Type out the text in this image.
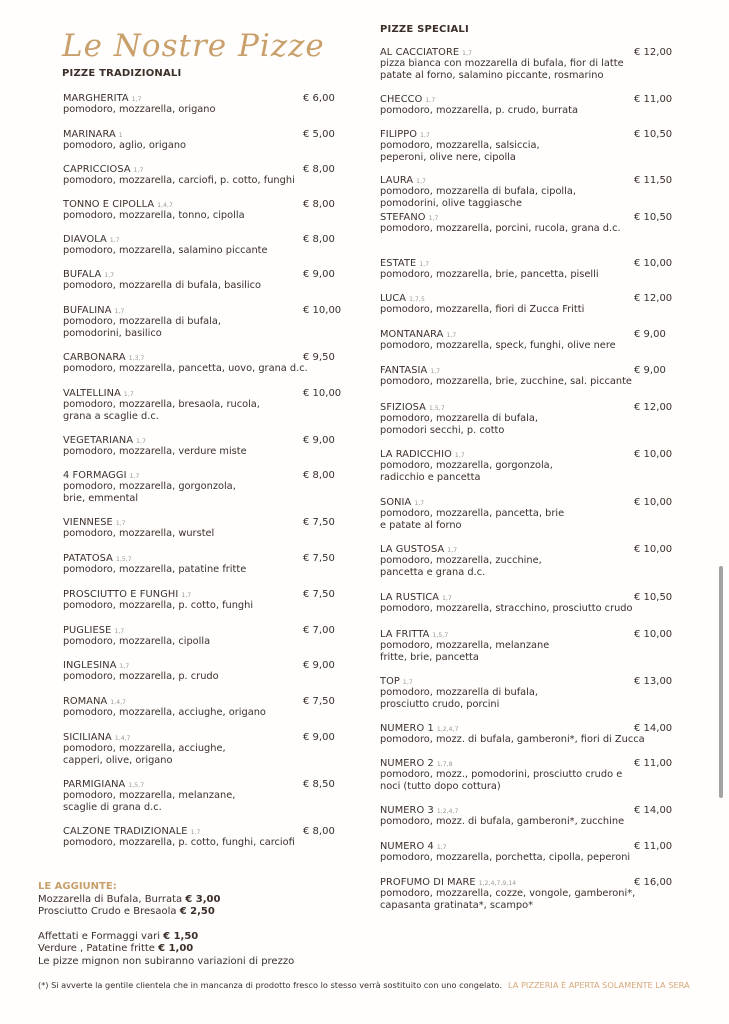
Le Nostre Pizze
PIZZE TRADIZIONALI
PIZZE SPECIALI
MARGHERITA 1,7
pomodoro, mozzarella, origano
€ 6,00
MARINARA 1
pomodoro, aglio, origano
€ 5,00
CAPRICCIOSA 1,7
pomodoro, mozzarella, carciofi, p. cotto, funghi
€ 8,00
TONNO E CIPOLLA 1,4,7
pomodoro, mozzarella, tonno, cipolla
€ 8,00
DIAVOLA 1,7
pomodoro, mozzarella, salamino piccante
€ 8,00
BUFALA 1,7
pomodoro, mozzarella di bufala, basilico
€ 9,00
BUFALINA 1,7
pomodoro, mozzarella di bufala,
pomodorini, basilico
€ 10,00
CARBONARA 1,3,7
pomodoro, mozzarella, pancetta, uovo, grana d.c.
€ 9,50
VALTELLINA 1,7
pomodoro, mozzarella, bresaola, rucola,
grana a scaglie d.c.
€ 10,00
VEGETARIANA 1,7
pomodoro, mozzarella, verdure miste
€ 9,00
4 FORMAGGI 1,7
pomodoro, mozzarella, gorgonzola,
brie, emmental
€ 8,00
VIENNESE 1,7
pomodoro, mozzarella, wurstel
€ 7,50
PATATOSA 1,5,7
pomodoro, mozzarella, patatine fritte
€ 7,50
PROSCIUTTO E FUNGHI 1,7
pomodoro, mozzarella, p. cotto, funghi
€ 7,50
PUGLIESE 1,7
pomodoro, mozzarella, cipolla
€ 7,00
INGLESINA 1,7
pomodoro, mozzarella, p. crudo
€ 9,00
ROMANA 1,4,7
pomodoro, mozzarella, acciughe, origano
€ 7,50
SICILIANA 1,4,7
pomodoro, mozzarella, acciughe,
capperi, olive, origano
€ 9,00
PARMIGIANA 1,5,7
pomodoro, mozzarella, melanzane,
scaglie di grana d.c.
€ 8,50
CALZONE TRADIZIONALE 1,7
pomodoro, mozzarella, p. cotto, funghi, carciofi
€ 8,00
AL CACCIATORE 1,7
pizza bianca con mozzarella di bufala, fior di latte
patate al forno, salamino piccante, rosmarino
€ 12,00
CHECCO 1,7
pomodoro, mozzarella, p. crudo, burrata
€ 11,00
FILIPPO 1,7
pomodoro, mozzarella, salsiccia,
peperoni, olive nere, cipolla
€ 10,50
LAURA 1,7
pomodoro, mozzarella di bufala, cipolla,
pomodorini, olive taggiasche
€ 11,50
STEFANO 1,7
pomodoro, mozzarella, porcini, rucola, grana d.c.
€ 10,50
ESTATE 1,7
pomodoro, mozzarella, brie, pancetta, piselli
€ 10,00
LUCA 1,7,5
pomodoro, mozzarella, fiori di Zucca Fritti
€ 12,00
MONTANARA 1,7
pomodoro, mozzarella, speck, funghi, olive nere
€ 9,00
FANTASIA 1,7
pomodoro, mozzarella, brie, zucchine, sal. piccante
€ 9,00
SFIZIOSA 1,5,7
pomodoro, mozzarella di bufala,
pomodori secchi, p. cotto
€ 12,00
LA RADICCHIO 1,7
pomodoro, mozzarella, gorgonzola,
radicchio e pancetta
€ 10,00
SONIA 1,7
pomodoro, mozzarella, pancetta, brie
e patate al forno
€ 10,00
LA GUSTOSA 1,7
pomodoro, mozzarella, zucchine,
pancetta e grana d.c.
€ 10,00
LA RUSTICA 1,7
pomodoro, mozzarella, stracchino, prosciutto crudo
€ 10,50
LA FRITTA 1,5,7
pomodoro, mozzarella, melanzane
fritte, brie, pancetta
€ 10,00
TOP 1,7
pomodoro, mozzarella di bufala,
prosciutto crudo, porcini
€ 13,00
NUMERO 1 1,2,4,7
pomodoro, mozz. di bufala, gamberoni*, fiori di Zucca
€ 14,00
NUMERO 2 1,7,8
pomodoro, mozz., pomodorini, prosciutto crudo e
noci (tutto dopo cottura)
€ 11,00
NUMERO 3 1,2,4,7
pomodoro, mozz. di bufala, gamberoni*, zucchine
€ 14,00
NUMERO 4 1,7
pomodoro, mozzarella, porchetta, cipolla, peperoni
€ 11,00
PROFUMO DI MARE 1,2,4,7,9,14
pomodoro, mozzarella, cozze, vongole, gamberoni*,
capasanta gratinata*, scampo*
€ 16,00
LE AGGIUNTE:
Mozzarella di Bufala, Burrata € 3,00
Prosciutto Crudo e Bresaola € 2,50
Affettati e Formaggi vari € 1,50
Verdure , Patatine fritte € 1,00
Le pizze mignon non subiranno variazioni di prezzo
(*) Si avverte la gentile clientela che in mancanza di prodotto fresco lo stesso verrà sostituito con uno congelato. LA PIZZERIA È APERTA SOLAMENTE LA SERA
